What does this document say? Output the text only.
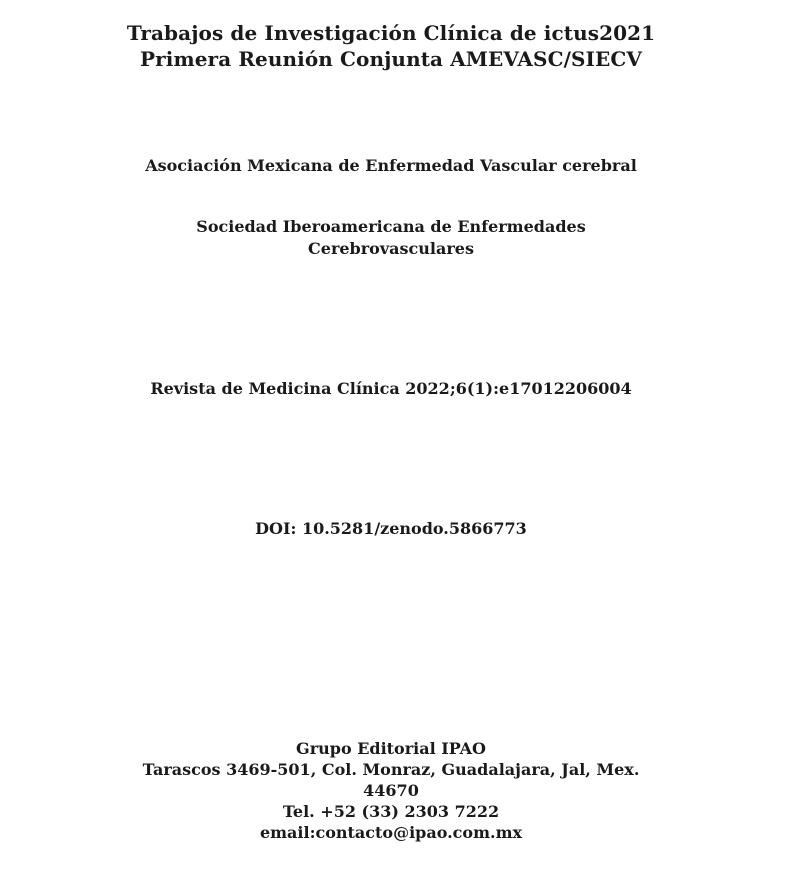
Trabajos de Investigación Clínica de ictus2021
Primera Reunión Conjunta AMEVASC/SIECV
Asociación Mexicana de Enfermedad Vascular cerebral
Sociedad Iberoamericana de Enfermedades
Cerebrovasculares
Revista de Medicina Clínica 2022;6(1):e17012206004
DOI: 10.5281/zenodo.5866773
Grupo Editorial IPAO
Tarascos 3469-501, Col. Monraz, Guadalajara, Jal, Mex.
44670
Tel. +52 (33) 2303 7222
email:contacto@ipao.com.mx
